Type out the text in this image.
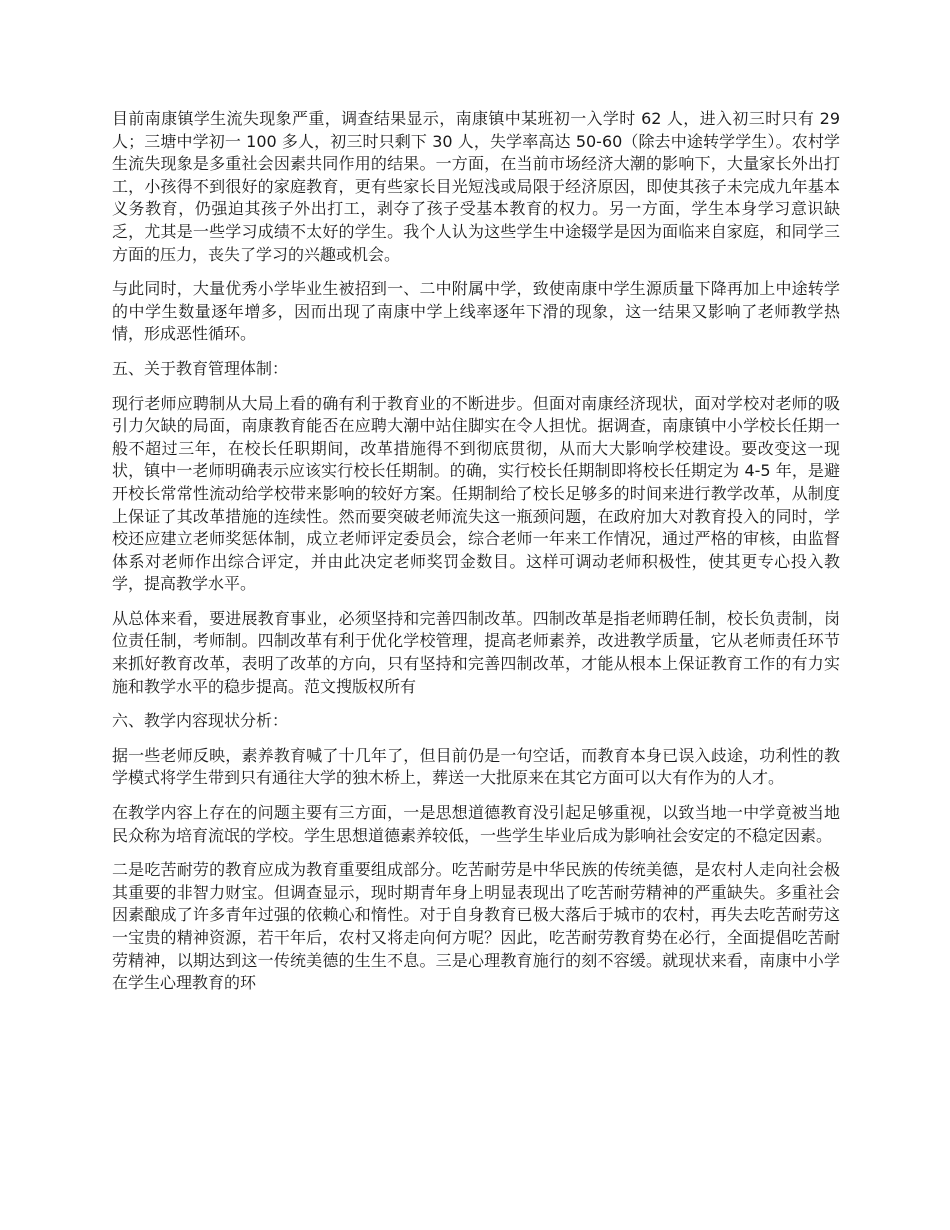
目前南康镇学生流失现象严重，调查结果显示，南康镇中某班初一入学时 62 人，进入初三时只有 29 人；三塘中学初一 100 多人，初三时只剩下 30 人，失学率高达 50-60（除去中途转学学生）。农村学生流失现象是多重社会因素共同作用的结果。一方面，在当前市场经济大潮的影响下，大量家长外出打工，小孩得不到很好的家庭教育，更有些家长目光短浅或局限于经济原因，即使其孩子未完成九年基本义务教育，仍强迫其孩子外出打工，剥夺了孩子受基本教育的权力。另一方面，学生本身学习意识缺乏，尤其是一些学习成绩不太好的学生。我个人认为这些学生中途辍学是因为面临来自家庭，和同学三方面的压力，丧失了学习的兴趣或机会。

与此同时，大量优秀小学毕业生被招到一、二中附属中学，致使南康中学生源质量下降再加上中途转学的中学生数量逐年增多，因而出现了南康中学上线率逐年下滑的现象，这一结果又影响了老师教学热情，形成恶性循环。

五、关于教育管理体制：

现行老师应聘制从大局上看的确有利于教育业的不断进步。但面对南康经济现状，面对学校对老师的吸引力欠缺的局面，南康教育能否在应聘大潮中站住脚实在令人担忧。据调查，南康镇中小学校长任期一般不超过三年，在校长任职期间，改革措施得不到彻底贯彻，从而大大影响学校建设。要改变这一现状，镇中一老师明确表示应该实行校长任期制。的确，实行校长任期制即将校长任期定为 4-5 年，是避开校长常常性流动给学校带来影响的较好方案。任期制给了校长足够多的时间来进行教学改革，从制度上保证了其改革措施的连续性。然而要突破老师流失这一瓶颈问题，在政府加大对教育投入的同时，学校还应建立老师奖惩体制，成立老师评定委员会，综合老师一年来工作情况，通过严格的审核，由监督体系对老师作出综合评定，并由此决定老师奖罚金数目。这样可调动老师积极性，使其更专心投入教学，提高教学水平。

从总体来看，要进展教育事业，必须坚持和完善四制改革。四制改革是指老师聘任制，校长负责制，岗位责任制，考师制。四制改革有利于优化学校管理，提高老师素养，改进教学质量，它从老师责任环节来抓好教育改革，表明了改革的方向，只有坚持和完善四制改革，才能从根本上保证教育工作的有力实施和教学水平的稳步提高。范文搜版权所有

六、教学内容现状分析：

据一些老师反映，素养教育喊了十几年了，但目前仍是一句空话，而教育本身已误入歧途，功利性的教学模式将学生带到只有通往大学的独木桥上，葬送一大批原来在其它方面可以大有作为的人才。

在教学内容上存在的问题主要有三方面，一是思想道德教育没引起足够重视，以致当地一中学竟被当地民众称为培育流氓的学校。学生思想道德素养较低，一些学生毕业后成为影响社会安定的不稳定因素。

二是吃苦耐劳的教育应成为教育重要组成部分。吃苦耐劳是中华民族的传统美德，是农村人走向社会极其重要的非智力财宝。但调查显示，现时期青年身上明显表现出了吃苦耐劳精神的严重缺失。多重社会因素酿成了许多青年过强的依赖心和惰性。对于自身教育已极大落后于城市的农村，再失去吃苦耐劳这一宝贵的精神资源，若干年后，农村又将走向何方呢？因此，吃苦耐劳教育势在必行，全面提倡吃苦耐劳精神，以期达到这一传统美德的生生不息。三是心理教育施行的刻不容缓。就现状来看，南康中小学在学生心理教育的环
